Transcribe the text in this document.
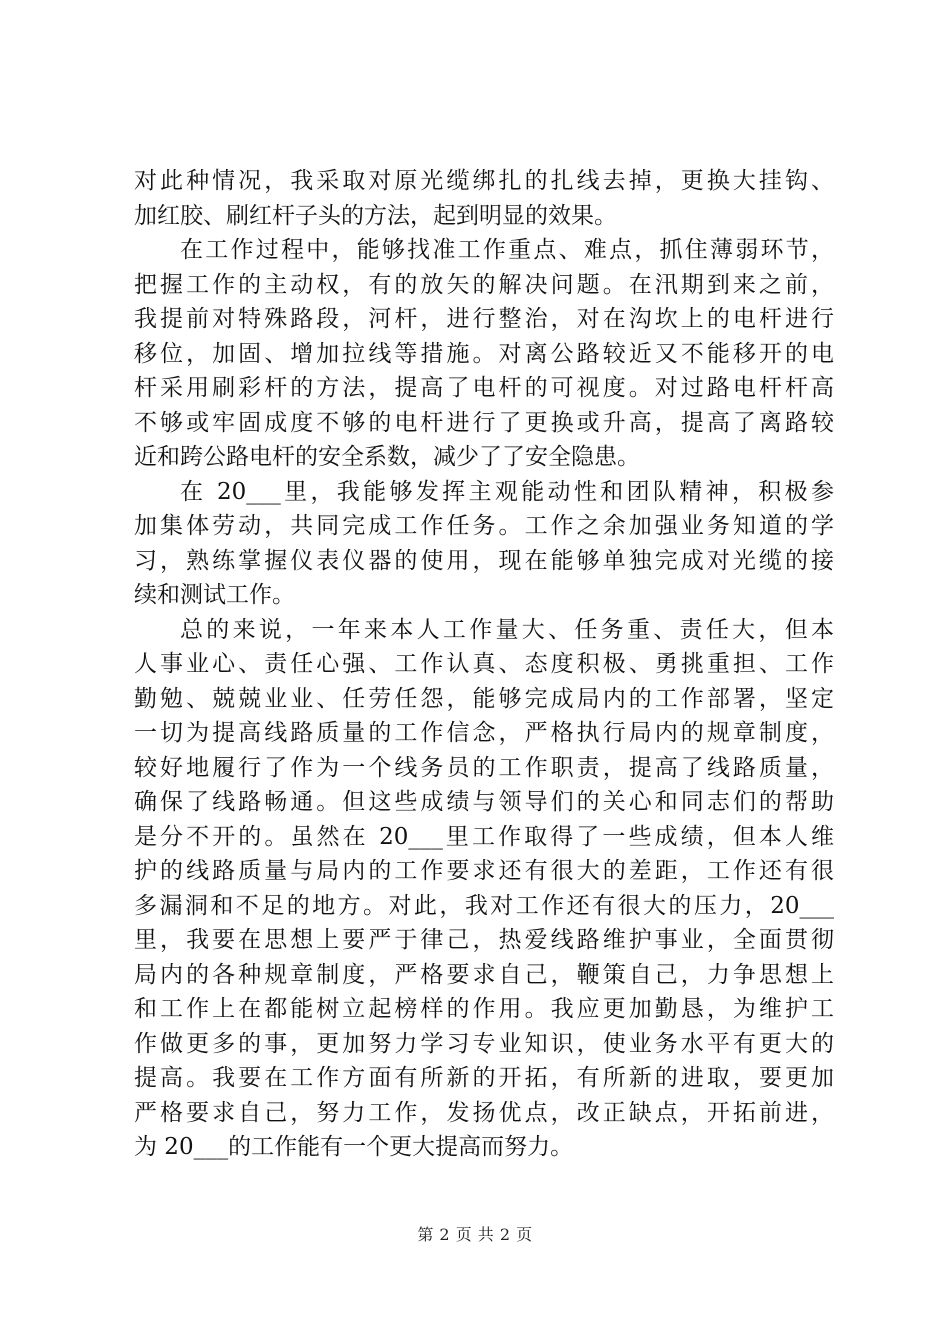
对此种情况，我采取对原光缆绑扎的扎线去掉，更换大挂钩、
加红胶、刷红杆子头的方法，起到明显的效果。
在工作过程中，能够找准工作重点、难点，抓住薄弱环节，
把握工作的主动权，有的放矢的解决问题。在汛期到来之前，
我提前对特殊路段，河杆，进行整治，对在沟坎上的电杆进行
移位，加固、增加拉线等措施。对离公路较近又不能移开的电
杆采用刷彩杆的方法，提高了电杆的可视度。对过路电杆杆高
不够或牢固成度不够的电杆进行了更换或升高，提高了离路较
近和跨公路电杆的安全系数，减少了了安全隐患。
在 20___里，我能够发挥主观能动性和团队精神，积极参
加集体劳动，共同完成工作任务。工作之余加强业务知道的学
习，熟练掌握仪表仪器的使用，现在能够单独完成对光缆的接
续和测试工作。
总的来说，一年来本人工作量大、任务重、责任大，但本
人事业心、责任心强、工作认真、态度积极、勇挑重担、工作
勤勉、兢兢业业、任劳任怨，能够完成局内的工作部署，坚定
一切为提高线路质量的工作信念，严格执行局内的规章制度，
较好地履行了作为一个线务员的工作职责，提高了线路质量，
确保了线路畅通。但这些成绩与领导们的关心和同志们的帮助
是分不开的。虽然在 20___里工作取得了一些成绩，但本人维
护的线路质量与局内的工作要求还有很大的差距，工作还有很
多漏洞和不足的地方。对此，我对工作还有很大的压力，20___
里，我要在思想上要严于律己，热爱线路维护事业，全面贯彻
局内的各种规章制度，严格要求自己，鞭策自己，力争思想上
和工作上在都能树立起榜样的作用。我应更加勤恳，为维护工
作做更多的事，更加努力学习专业知识，使业务水平有更大的
提高。我要在工作方面有所新的开拓，有所新的进取，要更加
严格要求自己，努力工作，发扬优点，改正缺点，开拓前进，
为 20___的工作能有一个更大提高而努力。
第 2 页 共 2 页
